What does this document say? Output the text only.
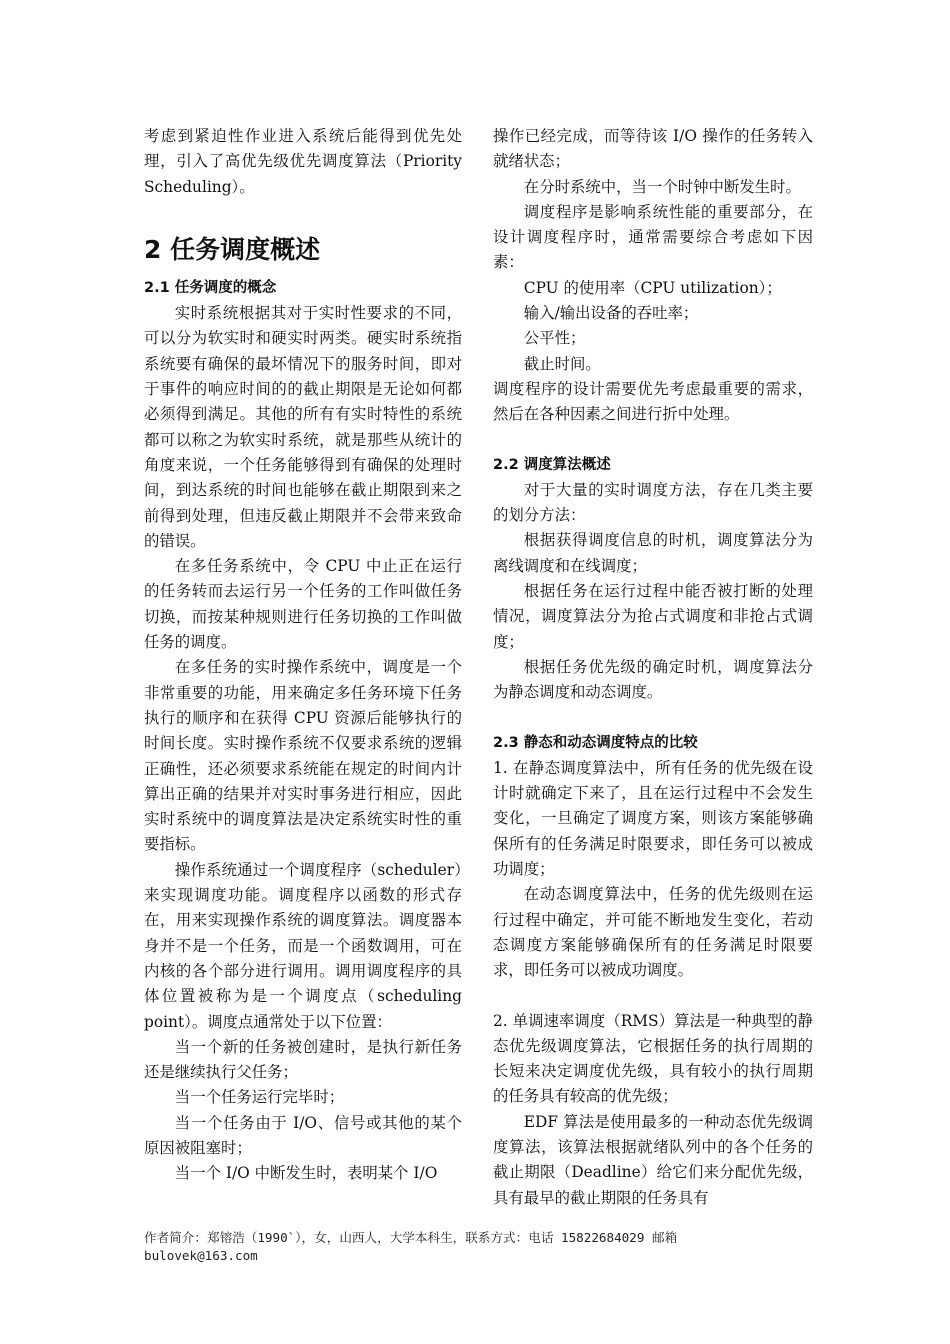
考虑到紧迫性作业进入系统后能得到优先处理，引入了高优先级优先调度算法（Priority Scheduling）。

2 任务调度概述

2.1 任务调度的概念

实时系统根据其对于实时性要求的不同，可以分为软实时和硬实时两类。硬实时系统指系统要有确保的最坏情况下的服务时间，即对于事件的响应时间的的截止期限是无论如何都必须得到满足。其他的所有有实时特性的系统都可以称之为软实时系统，就是那些从统计的角度来说，一个任务能够得到有确保的处理时间，到达系统的时间也能够在截止期限到来之前得到处理，但违反截止期限并不会带来致命的错误。

在多任务系统中，令 CPU 中止正在运行的任务转而去运行另一个任务的工作叫做任务切换，而按某种规则进行任务切换的工作叫做任务的调度。

在多任务的实时操作系统中，调度是一个非常重要的功能，用来确定多任务环境下任务执行的顺序和在获得 CPU 资源后能够执行的时间长度。实时操作系统不仅要求系统的逻辑正确性，还必须要求系统能在规定的时间内计算出正确的结果并对实时事务进行相应，因此实时系统中的调度算法是决定系统实时性的重要指标。

操作系统通过一个调度程序（scheduler）来实现调度功能。调度程序以函数的形式存在，用来实现操作系统的调度算法。调度器本身并不是一个任务，而是一个函数调用，可在内核的各个部分进行调用。调用调度程序的具体位置被称为是一个调度点（scheduling point）。调度点通常处于以下位置：

当一个新的任务被创建时，是执行新任务还是继续执行父任务；

当一个任务运行完毕时；

当一个任务由于 I/O、信号或其他的某个原因被阻塞时；

当一个 I/O 中断发生时，表明某个 I/O

操作已经完成，而等待该 I/O 操作的任务转入就绪状态；

在分时系统中，当一个时钟中断发生时。

调度程序是影响系统性能的重要部分，在设计调度程序时，通常需要综合考虑如下因素：

CPU 的使用率（CPU utilization）；

输入/输出设备的吞吐率；

公平性；

截止时间。

调度程序的设计需要优先考虑最重要的需求，然后在各种因素之间进行折中处理。

2.2 调度算法概述

对于大量的实时调度方法，存在几类主要的划分方法：

根据获得调度信息的时机，调度算法分为离线调度和在线调度；

根据任务在运行过程中能否被打断的处理情况，调度算法分为抢占式调度和非抢占式调度；

根据任务优先级的确定时机，调度算法分为静态调度和动态调度。

2.3 静态和动态调度特点的比较

1. 在静态调度算法中，所有任务的优先级在设计时就确定下来了，且在运行过程中不会发生变化，一旦确定了调度方案，则该方案能够确保所有的任务满足时限要求，即任务可以被成功调度；

在动态调度算法中，任务的优先级则在运行过程中确定，并可能不断地发生变化，若动态调度方案能够确保所有的任务满足时限要求，即任务可以被成功调度。

2. 单调速率调度（RMS）算法是一种典型的静态优先级调度算法，它根据任务的执行周期的长短来决定调度优先级，具有较小的执行周期的任务具有较高的优先级；

EDF 算法是使用最多的一种动态优先级调度算法，该算法根据就绪队列中的各个任务的截止期限（Deadline）给它们来分配优先级，具有最早的截止期限的任务具有

作者简介：郑镕浩（1990`），女，山西人，大学本科生，联系方式：电话 15822684029 邮箱
bulovek@163.com
